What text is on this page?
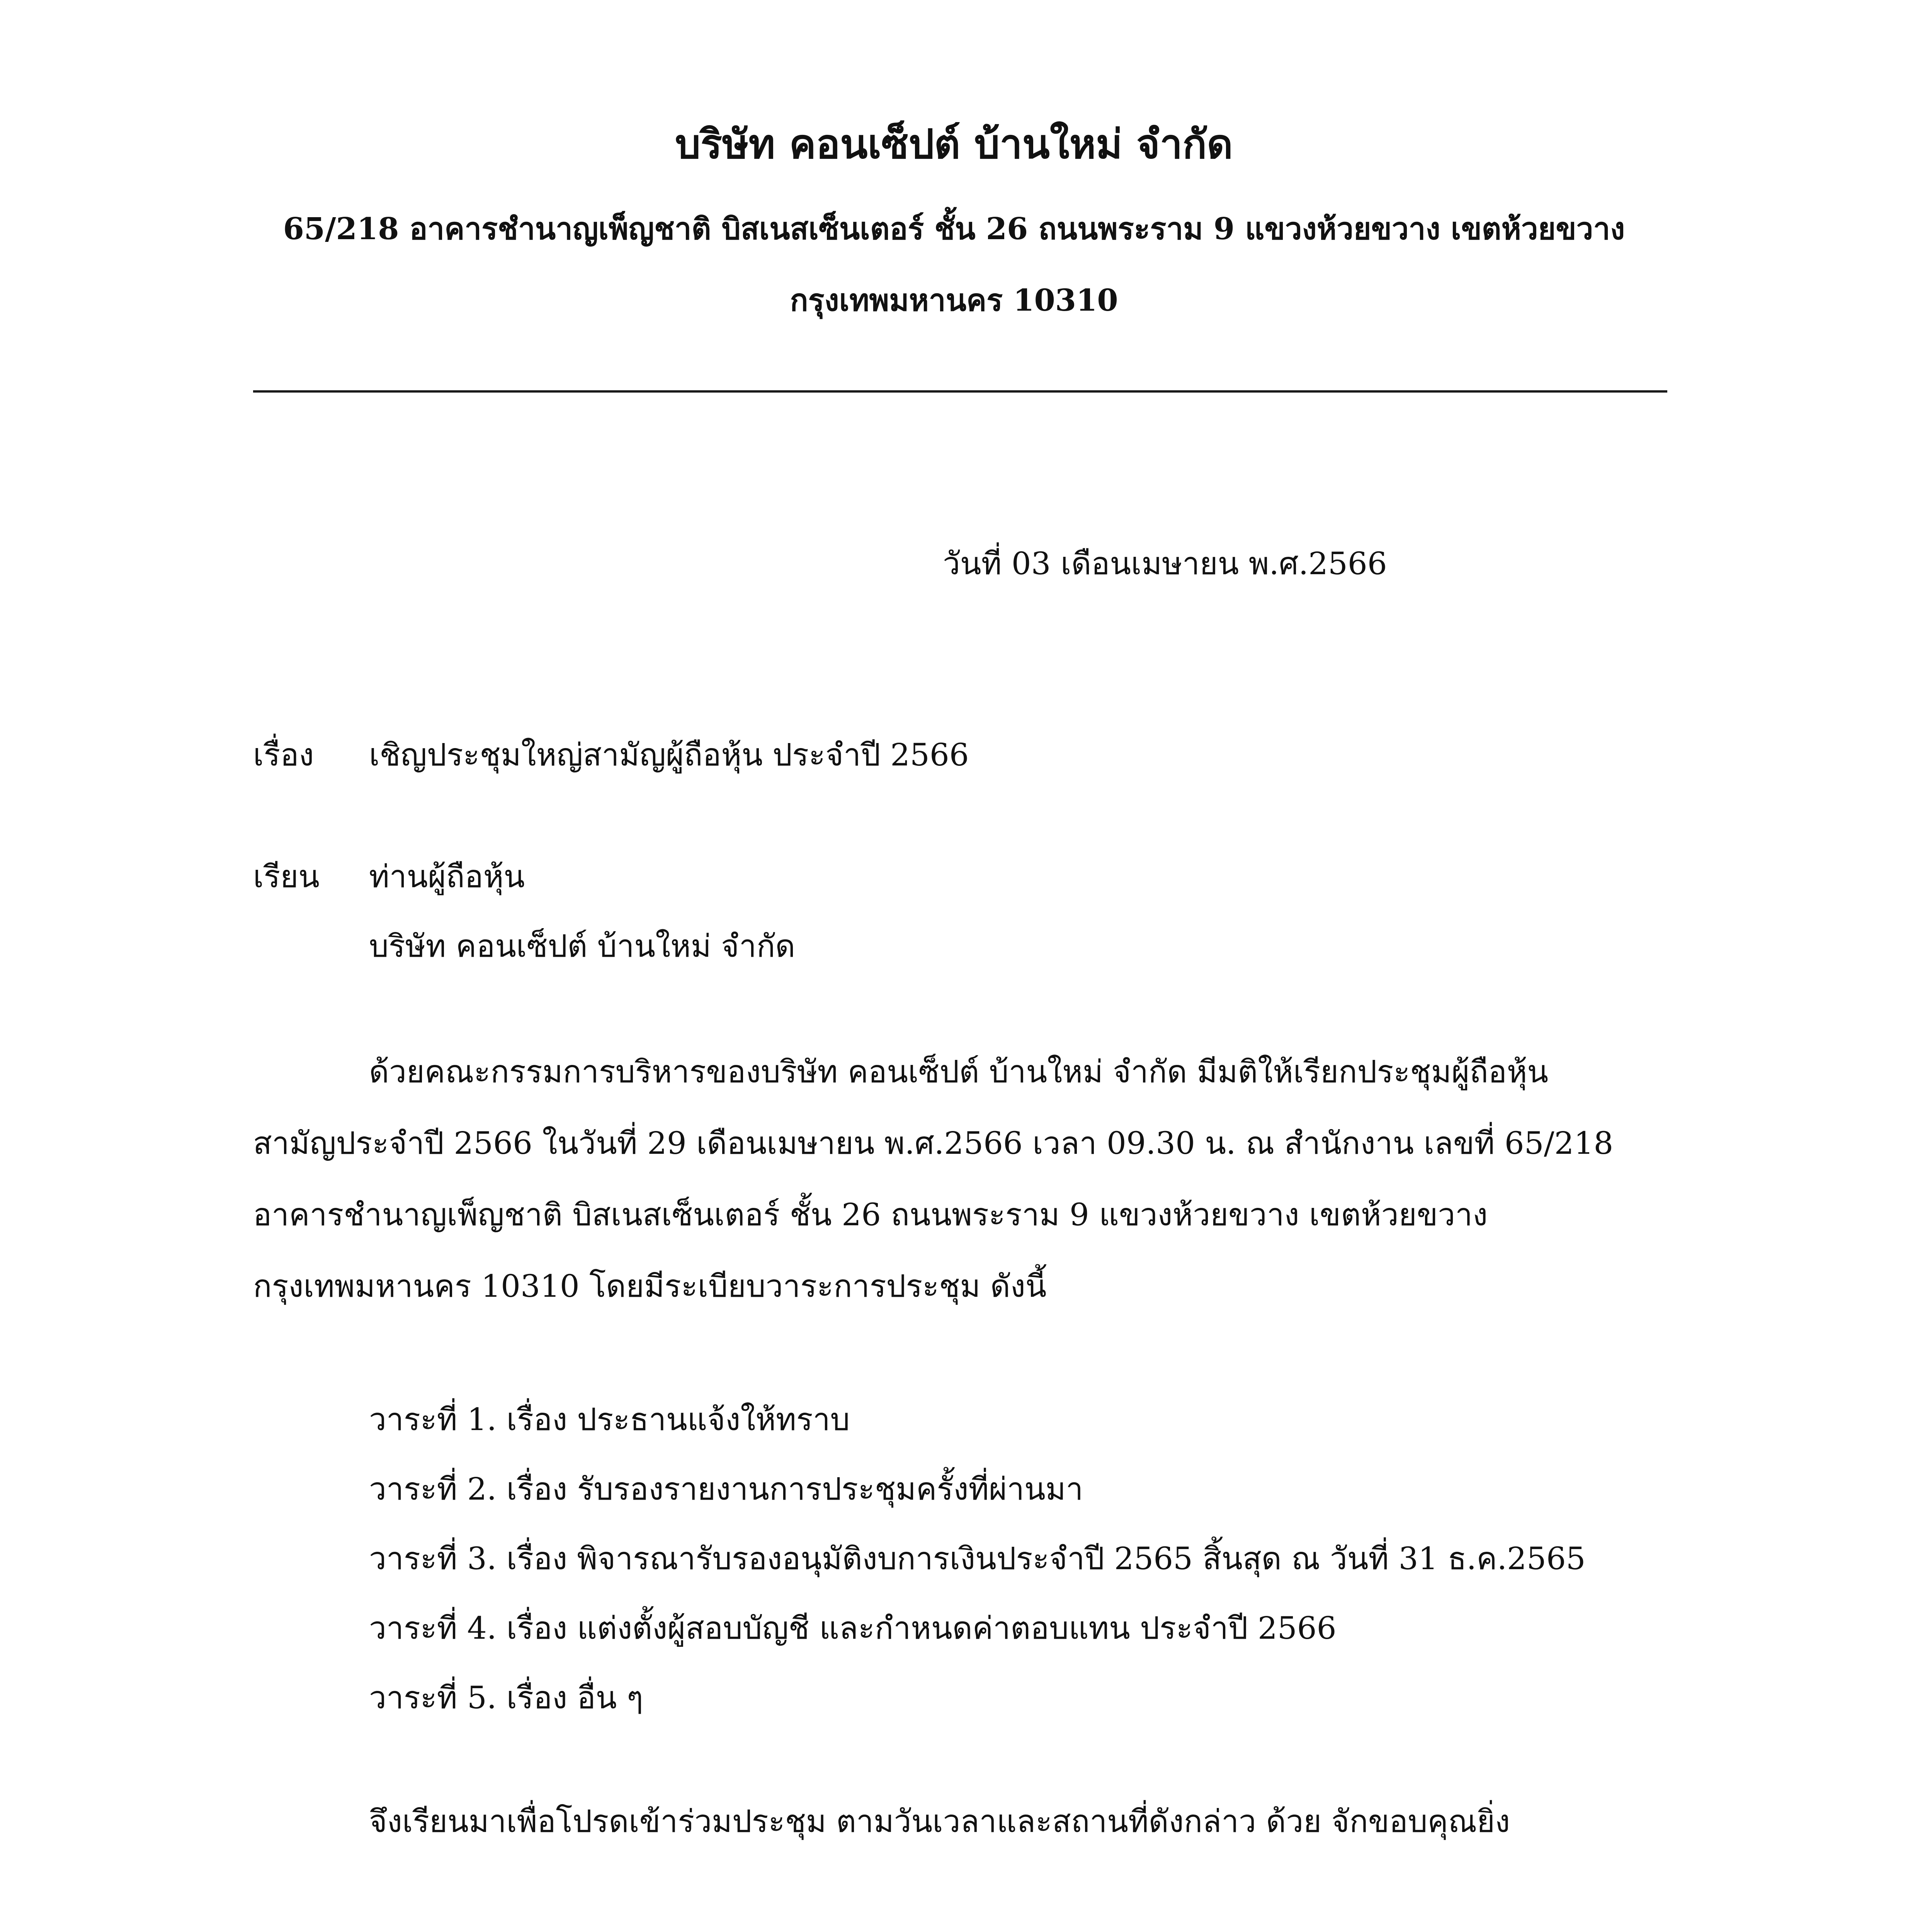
บริษัท คอนเซ็ปต์ บ้านใหม่ จำกัด
65/218 อาคารชำนาญเพ็ญชาติ บิสเนสเซ็นเตอร์ ชั้น 26 ถนนพระราม 9 แขวงห้วยขวาง เขตห้วยขวาง
กรุงเทพมหานคร 10310
วันที่ 03 เดือนเมษายน พ.ศ.2566
เรื่อง เชิญประชุมใหญ่สามัญผู้ถือหุ้น ประจำปี 2566
เรียน ท่านผู้ถือหุ้น
บริษัท คอนเซ็ปต์ บ้านใหม่ จำกัด
ด้วยคณะกรรมการบริหารของบริษัท คอนเซ็ปต์ บ้านใหม่ จำกัด มีมติให้เรียกประชุมผู้ถือหุ้น
สามัญประจำปี 2566 ในวันที่ 29 เดือนเมษายน พ.ศ.2566 เวลา 09.30 น. ณ สำนักงาน เลขที่ 65/218
อาคารชำนาญเพ็ญชาติ บิสเนสเซ็นเตอร์ ชั้น 26 ถนนพระราม 9 แขวงห้วยขวาง เขตห้วยขวาง
กรุงเทพมหานคร 10310 โดยมีระเบียบวาระการประชุม ดังนี้
วาระที่ 1. เรื่อง ประธานแจ้งให้ทราบ
วาระที่ 2. เรื่อง รับรองรายงานการประชุมครั้งที่ผ่านมา
วาระที่ 3. เรื่อง พิจารณารับรองอนุมัติงบการเงินประจำปี 2565 สิ้นสุด ณ วันที่ 31 ธ.ค.2565
วาระที่ 4. เรื่อง แต่งตั้งผู้สอบบัญชี และกำหนดค่าตอบแทน ประจำปี 2566
วาระที่ 5. เรื่อง อื่น ๆ
จึงเรียนมาเพื่อโปรดเข้าร่วมประชุม ตามวันเวลาและสถานที่ดังกล่าว ด้วย จักขอบคุณยิ่ง
